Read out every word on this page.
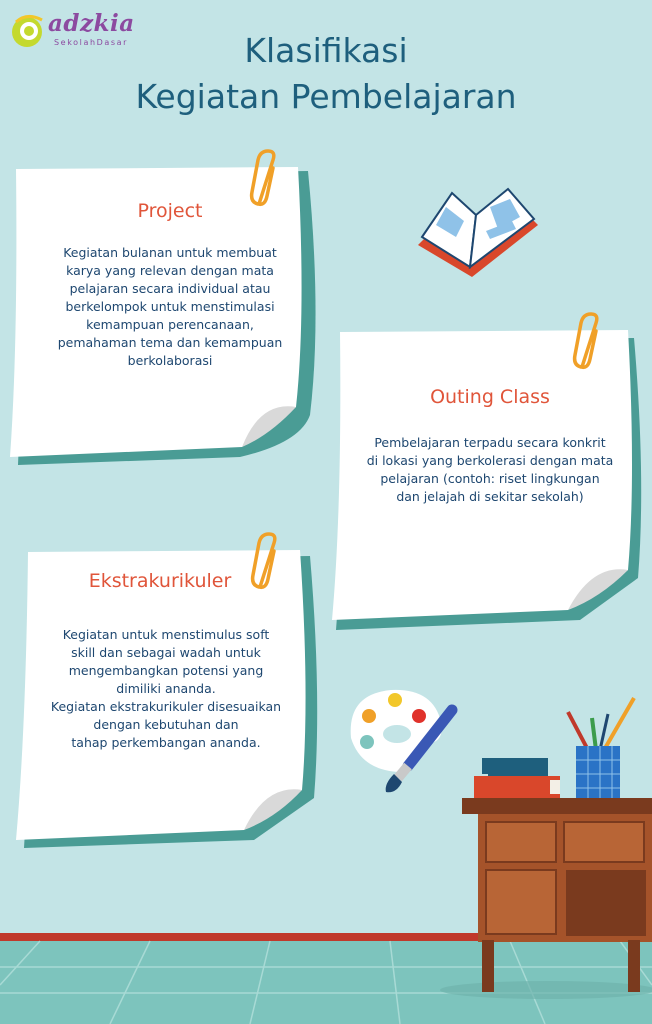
adzkia
SekolahDasar	Klasifikasi
Kegiatan Pembelajaran
Project
Kegiatan bulanan untuk membuat
karya yang relevan dengan mata
pelajaran secara individual atau
berkelompok untuk menstimulasi
kemampuan perencanaan,
pemahaman tema dan kemampuan
berkolaborasi
Outing Class
Pembelajaran terpadu secara konkrit
di lokasi yang berkolerasi dengan mata
pelajaran (contoh: riset lingkungan
dan jelajah di sekitar sekolah)
Ekstrakurikuler
Kegiatan untuk menstimulus soft
skill dan sebagai wadah untuk
mengembangkan potensi yang
dimiliki ananda.
Kegiatan ekstrakurikuler disesuaikan
dengan kebutuhan dan
tahap perkembangan ananda.
